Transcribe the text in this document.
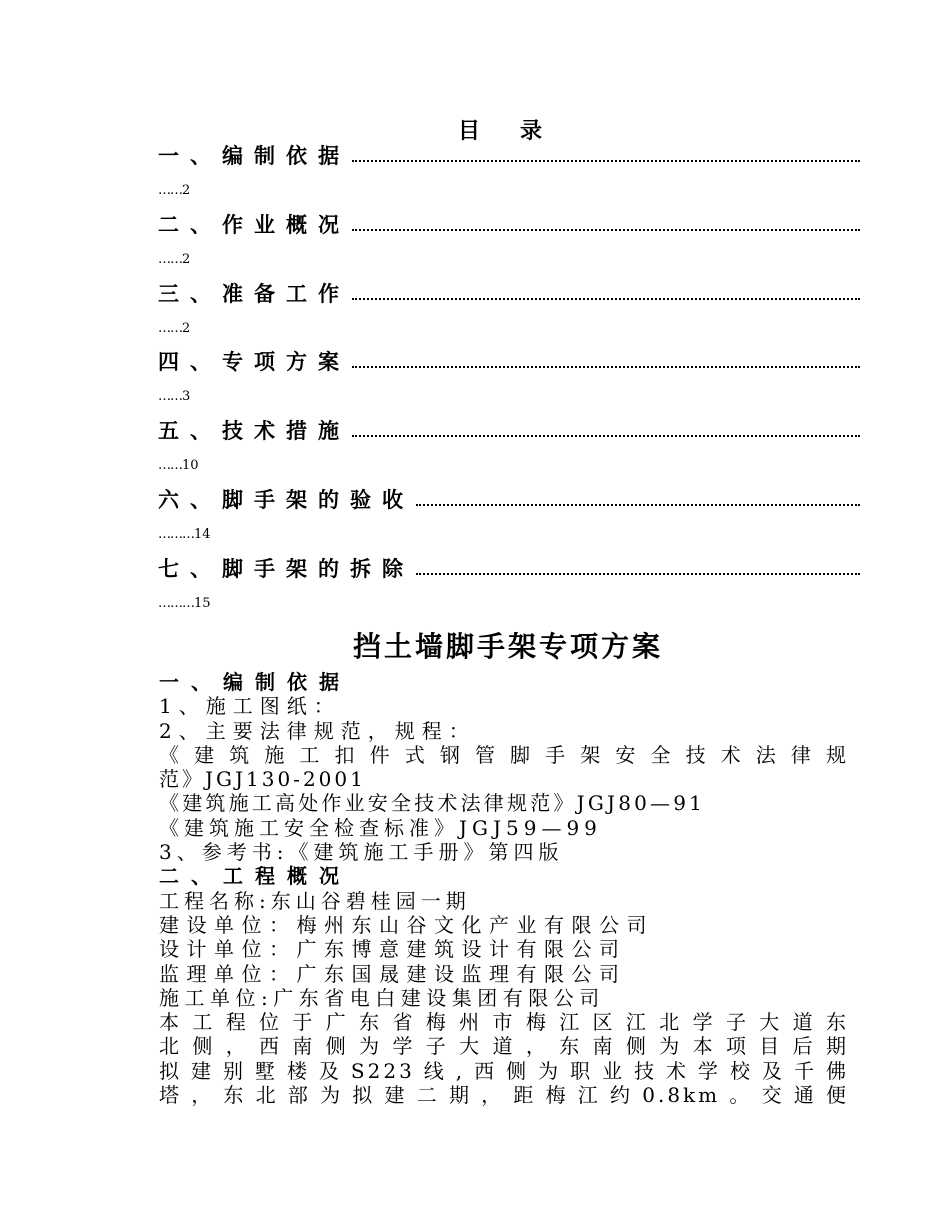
目录
一、编制依据
……2
二、作业概况
……2
三、准备工作
……2
四、专项方案
……3
五、技术措施
……10
六、脚手架的验收
………14
七、脚手架的拆除
………15
挡土墙脚手架专项方案
一、编制依据
1、施工图纸：
2、主要法律规范，规程：
《建筑施工扣件式钢管脚手架安全技术法律规
范》JGJ130-2001
《建筑施工高处作业安全技术法律规范》JGJ80—91
《建筑施工安全检查标准》JGJ59—99
3、参考书:《建筑施工手册》第四版
二、工程概况
工程名称:东山谷碧桂园一期
建设单位：梅州东山谷文化产业有限公司
设计单位：广东博意建筑设计有限公司
监理单位：广东国晟建设监理有限公司
施工单位:广东省电白建设集团有限公司
本工程位于广东省梅州市梅江区江北学子大道东
北侧，西南侧为学子大道，东南侧为本项目后期
拟建别墅楼及S223线,西侧为职业技术学校及千佛
塔，东北部为拟建二期，距梅江约0.8km。交通便
